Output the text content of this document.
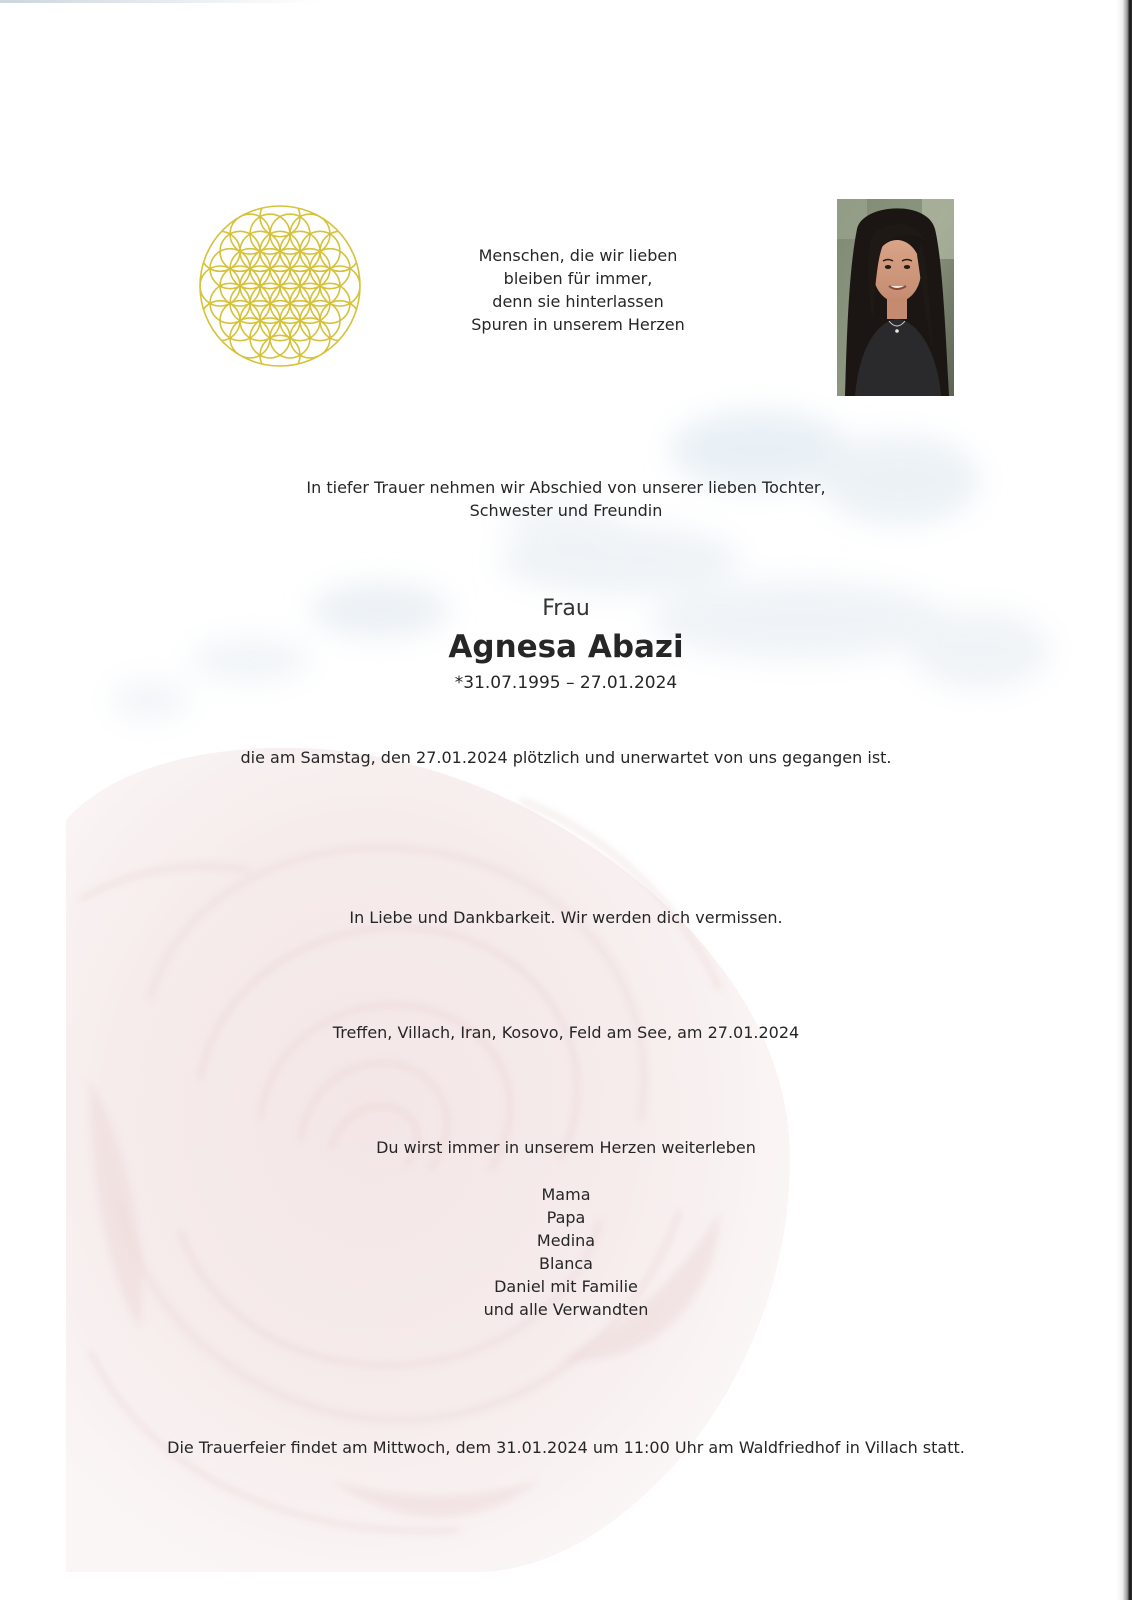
Menschen, die wir lieben
bleiben für immer,
denn sie hinterlassen
Spuren in unserem Herzen
In tiefer Trauer nehmen wir Abschied von unserer lieben Tochter,
Schwester und Freundin
Frau
Agnesa Abazi
*31.07.1995 – 27.01.2024
die am Samstag, den 27.01.2024 plötzlich und unerwartet von uns gegangen ist.
In Liebe und Dankbarkeit. Wir werden dich vermissen.
Treffen, Villach, Iran, Kosovo, Feld am See, am 27.01.2024
Du wirst immer in unserem Herzen weiterleben
Mama
Papa
Medina
Blanca
Daniel mit Familie
und alle Verwandten
Die Trauerfeier findet am Mittwoch, dem 31.01.2024 um 11:00 Uhr am Waldfriedhof in Villach statt.
